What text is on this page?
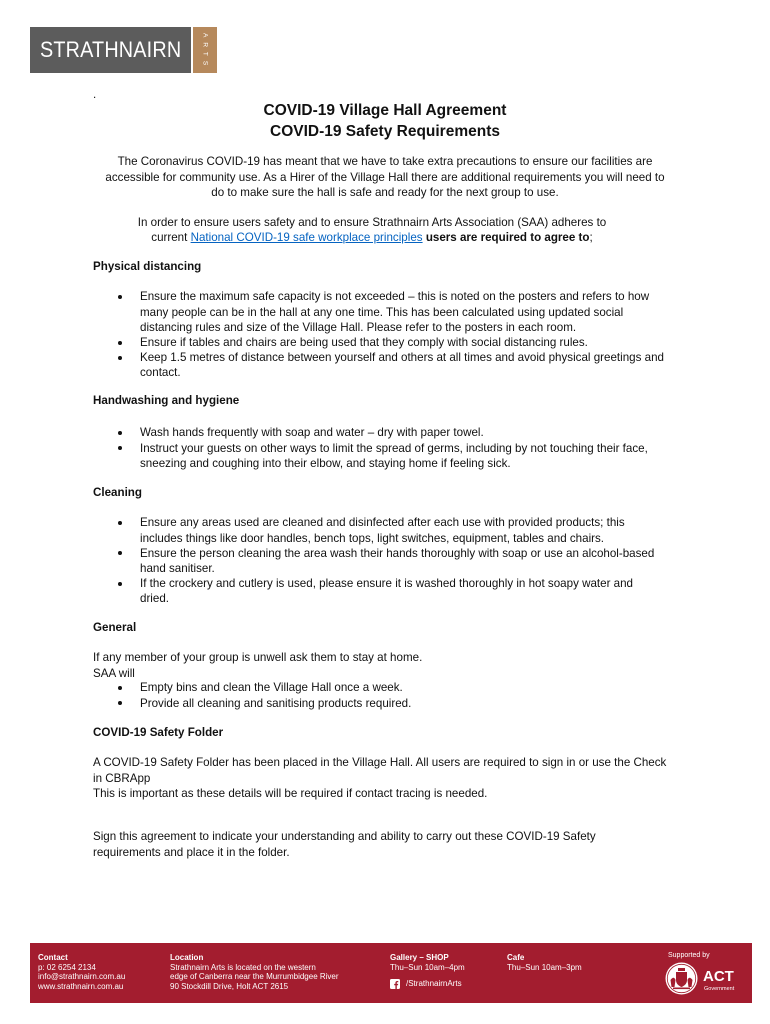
STRATHNAIRN	ARTS
.
COVID-19 Village Hall Agreement
COVID-19 Safety Requirements
The Coronavirus COVID-19 has meant that we have to take extra precautions to ensure our facilities are
accessible for community use. As a Hirer of the Village Hall there are additional requirements you will need to
do to make sure the hall is safe and ready for the next group to use.
In order to ensure users safety and to ensure Strathnairn Arts Association (SAA) adheres to
current National COVID-19 safe workplace principles users are required to agree to;
Physical distancing
Ensure the maximum safe capacity is not exceeded – this is noted on the posters and refers to how
many people can be in the hall at any one time. This has been calculated using updated social
distancing rules and size of the Village Hall. Please refer to the posters in each room.
Ensure if tables and chairs are being used that they comply with social distancing rules.
Keep 1.5 metres of distance between yourself and others at all times and avoid physical greetings and
contact.
Handwashing and hygiene
Wash hands frequently with soap and water – dry with paper towel.
Instruct your guests on other ways to limit the spread of germs, including by not touching their face,
sneezing and coughing into their elbow, and staying home if feeling sick.
Cleaning
Ensure any areas used are cleaned and disinfected after each use with provided products; this
includes things like door handles, bench tops, light switches, equipment, tables and chairs.
Ensure the person cleaning the area wash their hands thoroughly with soap or use an alcohol-based
hand sanitiser.
If the crockery and cutlery is used, please ensure it is washed thoroughly in hot soapy water and
dried.
General
If any member of your group is unwell ask them to stay at home.
SAA will
Empty bins and clean the Village Hall once a week.
Provide all cleaning and sanitising products required.
COVID-19 Safety Folder
A COVID-19 Safety Folder has been placed in the Village Hall. All users are required to sign in or use the Check
in CBRApp
This is important as these details will be required if contact tracing is needed.
Sign this agreement to indicate your understanding and ability to carry out these COVID-19 Safety
requirements and place it in the folder.
Contact
p: 02 6254 2134
info@strathnairn.com.au
www.strathnairn.com.au
Location
Strathnairn Arts is located on the western
edge of Canberra near the Murrumbidgee River
90 Stockdill Drive, Holt ACT 2615
Gallery – SHOP
Thu–Sun 10am–4pm
/StrathnairnArts
Cafe
Thu–Sun 10am–3pm
Supported by
ACT
Government
